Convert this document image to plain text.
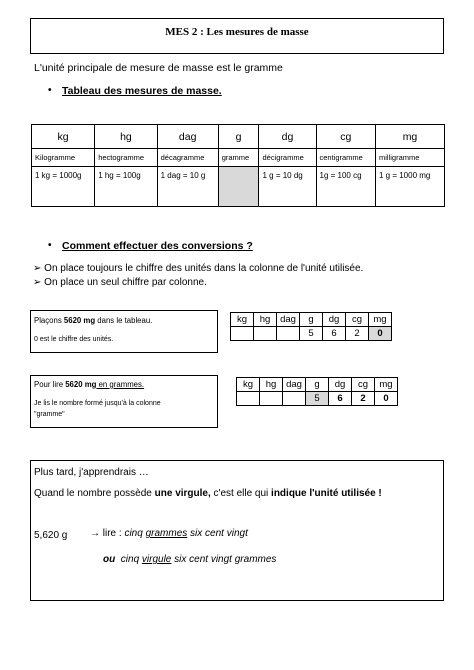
MES 2 : Les mesures de masse
L'unité principale de mesure de masse est le gramme
• Tableau des mesures de masse.
kg	hg	dag	g	dg	cg	mg
Kilogramme	hectogramme	décagramme	gramme	décigramme	centigramme	milligramme
1 kg = 1000g	1 hg = 100g	1 dag = 10 g		1 g = 10 dg	1g = 100 cg	1 g = 1000 mg
• Comment effectuer des conversions ?
➢ On place toujours le chiffre des unités dans la colonne de l'unité utilisée.
➢ On place un seul chiffre par colonne.
Plaçons 5620 mg dans le tableau.
0 est le chiffre des unités.
kg	hg	dag	g	dg	cg	mg
			5	6	2	0
Pour lire 5620 mg en grammes.
Je lis le nombre formé jusqu'à la colonne
"gramme"
kg	hg	dag	g	dg	cg	mg
			5	6	2	0
Plus tard, j'apprendrais …
Quand le nombre possède une virgule, c'est elle qui indique l'unité utilisée !
5,620 g → lire : cinq grammes six cent vingt
ou cinq virgule six cent vingt grammes
